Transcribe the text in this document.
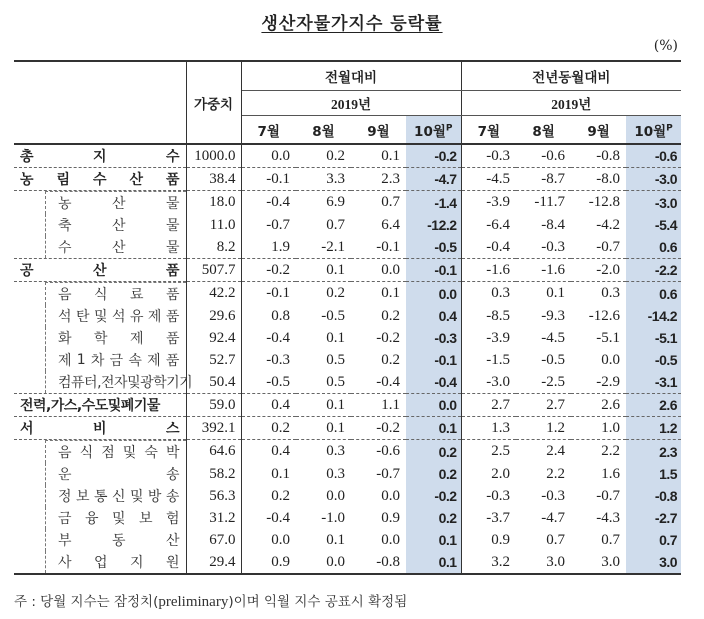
생산자물가지수 등락률
(%)
	가중치	전월대비				전년동월대비			
		2019년				2019년			
		7월	8월	9월	10월$^P$	7월	8월	9월	10월$^P$

총 지 수	1000.0	0.0	0.2	0.1	-0.2	-0.3	-0.6	-0.8	-0.6

농 림 수 산 품	38.4	-0.1	3.3	2.3	-4.7	-4.5	-8.7	-8.0	-3.0

농 산 물	18.0	-0.4	6.9	0.7	-1.4	-3.9	-11.7	-12.8	-3.0

축 산 물	11.0	-0.7	0.7	6.4	-12.2	-6.4	-8.4	-4.2	-5.4

수 산 물	8.2	1.9	-2.1	-0.1	-0.5	-0.4	-0.3	-0.7	0.6

공 산 품	507.7	-0.2	0.1	0.0	-0.1	-1.6	-1.6	-2.0	-2.2

음 식 료 품	42.2	-0.1	0.2	0.1	0.0	0.3	0.1	0.3	0.6

석 탄 및 석 유 제 품	29.6	0.8	-0.5	0.2	0.4	-8.5	-9.3	-12.6	-14.2

화 학 제 품	92.4	-0.4	0.1	-0.2	-0.3	-3.9	-4.5	-5.1	-5.1

제 1 차 금 속 제 품	52.7	-0.3	0.5	0.2	-0.1	-1.5	-0.5	0.0	-0.5

컴퓨터,전자및광학기기	50.4	-0.5	0.5	-0.4	-0.4	-3.0	-2.5	-2.9	-3.1

전력,가스,수도및폐기물	59.0	0.4	0.1	1.1	0.0	2.7	2.7	2.6	2.6

서 비 스	392.1	0.2	0.1	-0.2	0.1	1.3	1.2	1.0	1.2

음 식 점 및 숙 박	64.6	0.4	0.3	-0.6	0.2	2.5	2.4	2.2	2.3

운 송	58.2	0.1	0.3	-0.7	0.2	2.0	2.2	1.6	1.5

정 보 통 신 및 방 송	56.3	0.2	0.0	0.0	-0.2	-0.3	-0.3	-0.7	-0.8

금 융 및 보 험	31.2	-0.4	-1.0	0.9	0.2	-3.7	-4.7	-4.3	-2.7

부 동 산	67.0	0.0	0.1	0.0	0.1	0.9	0.7	0.7	0.7

사 업 지 원	29.4	0.9	0.0	-0.8	0.1	3.2	3.0	3.0	3.0
주 : 당월 지수는 잠정치(preliminary)이며 익월 지수 공표시 확정됨
